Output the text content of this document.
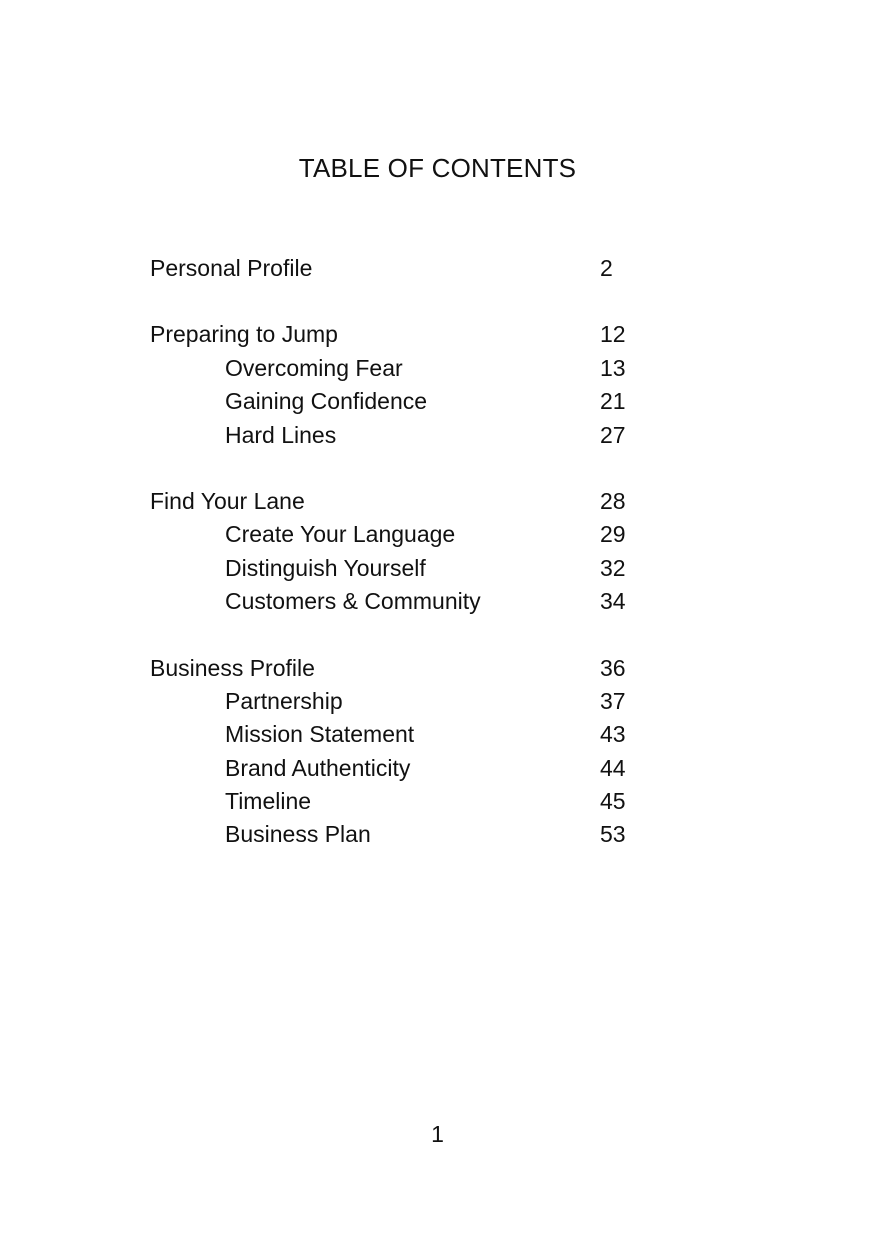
TABLE OF CONTENTS
Personal Profile	2
Preparing to Jump	12
Overcoming Fear	13
Gaining Confidence	21
Hard Lines	27
Find Your Lane	28
Create Your Language	29
Distinguish Yourself	32
Customers & Community	34
Business Profile	36
Partnership	37
Mission Statement	43
Brand Authenticity	44
Timeline	45
Business Plan	53
1
